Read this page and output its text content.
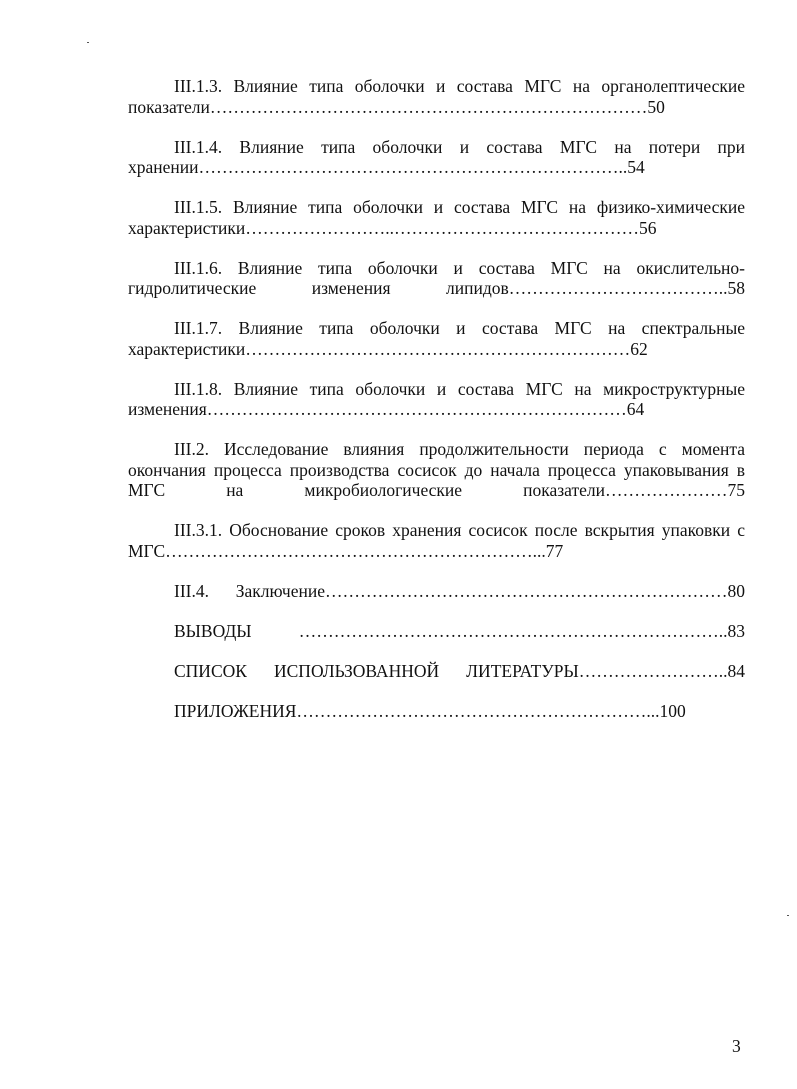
III.1.3. Влияние типа оболочки и состава МГС на органолептические показатели…………………………………………………………………50

III.1.4. Влияние типа оболочки и состава МГС на потери при хранении………………………………………………………………..54

III.1.5. Влияние типа оболочки и состава МГС на физико-химические характеристики……………………..……………………………………56

III.1.6. Влияние типа оболочки и состава МГС на окислительно- гидролитические изменения липидов………………………………..58

III.1.7. Влияние типа оболочки и состава МГС на спектральные характеристики…………………………………………………………62

III.1.8. Влияние типа оболочки и состава МГС на микроструктурные изменения………………………………………………………………64

III.2. Исследование влияния продолжительности периода с момента окончания процесса производства сосисок до начала процесса упаковывания в МГС на микробиологические показатели…………………75

III.3.1. Обоснование сроков хранения сосисок после вскрытия упаковки с МГС………………………………………………………...77

III.4. Заключение……………………………………………………………80

ВЫВОДЫ ………………………………………………………………..83

СПИСОК ИСПОЛЬЗОВАННОЙ ЛИТЕРАТУРЫ……………………..84

ПРИЛОЖЕНИЯ……………………………………………………...100

3
